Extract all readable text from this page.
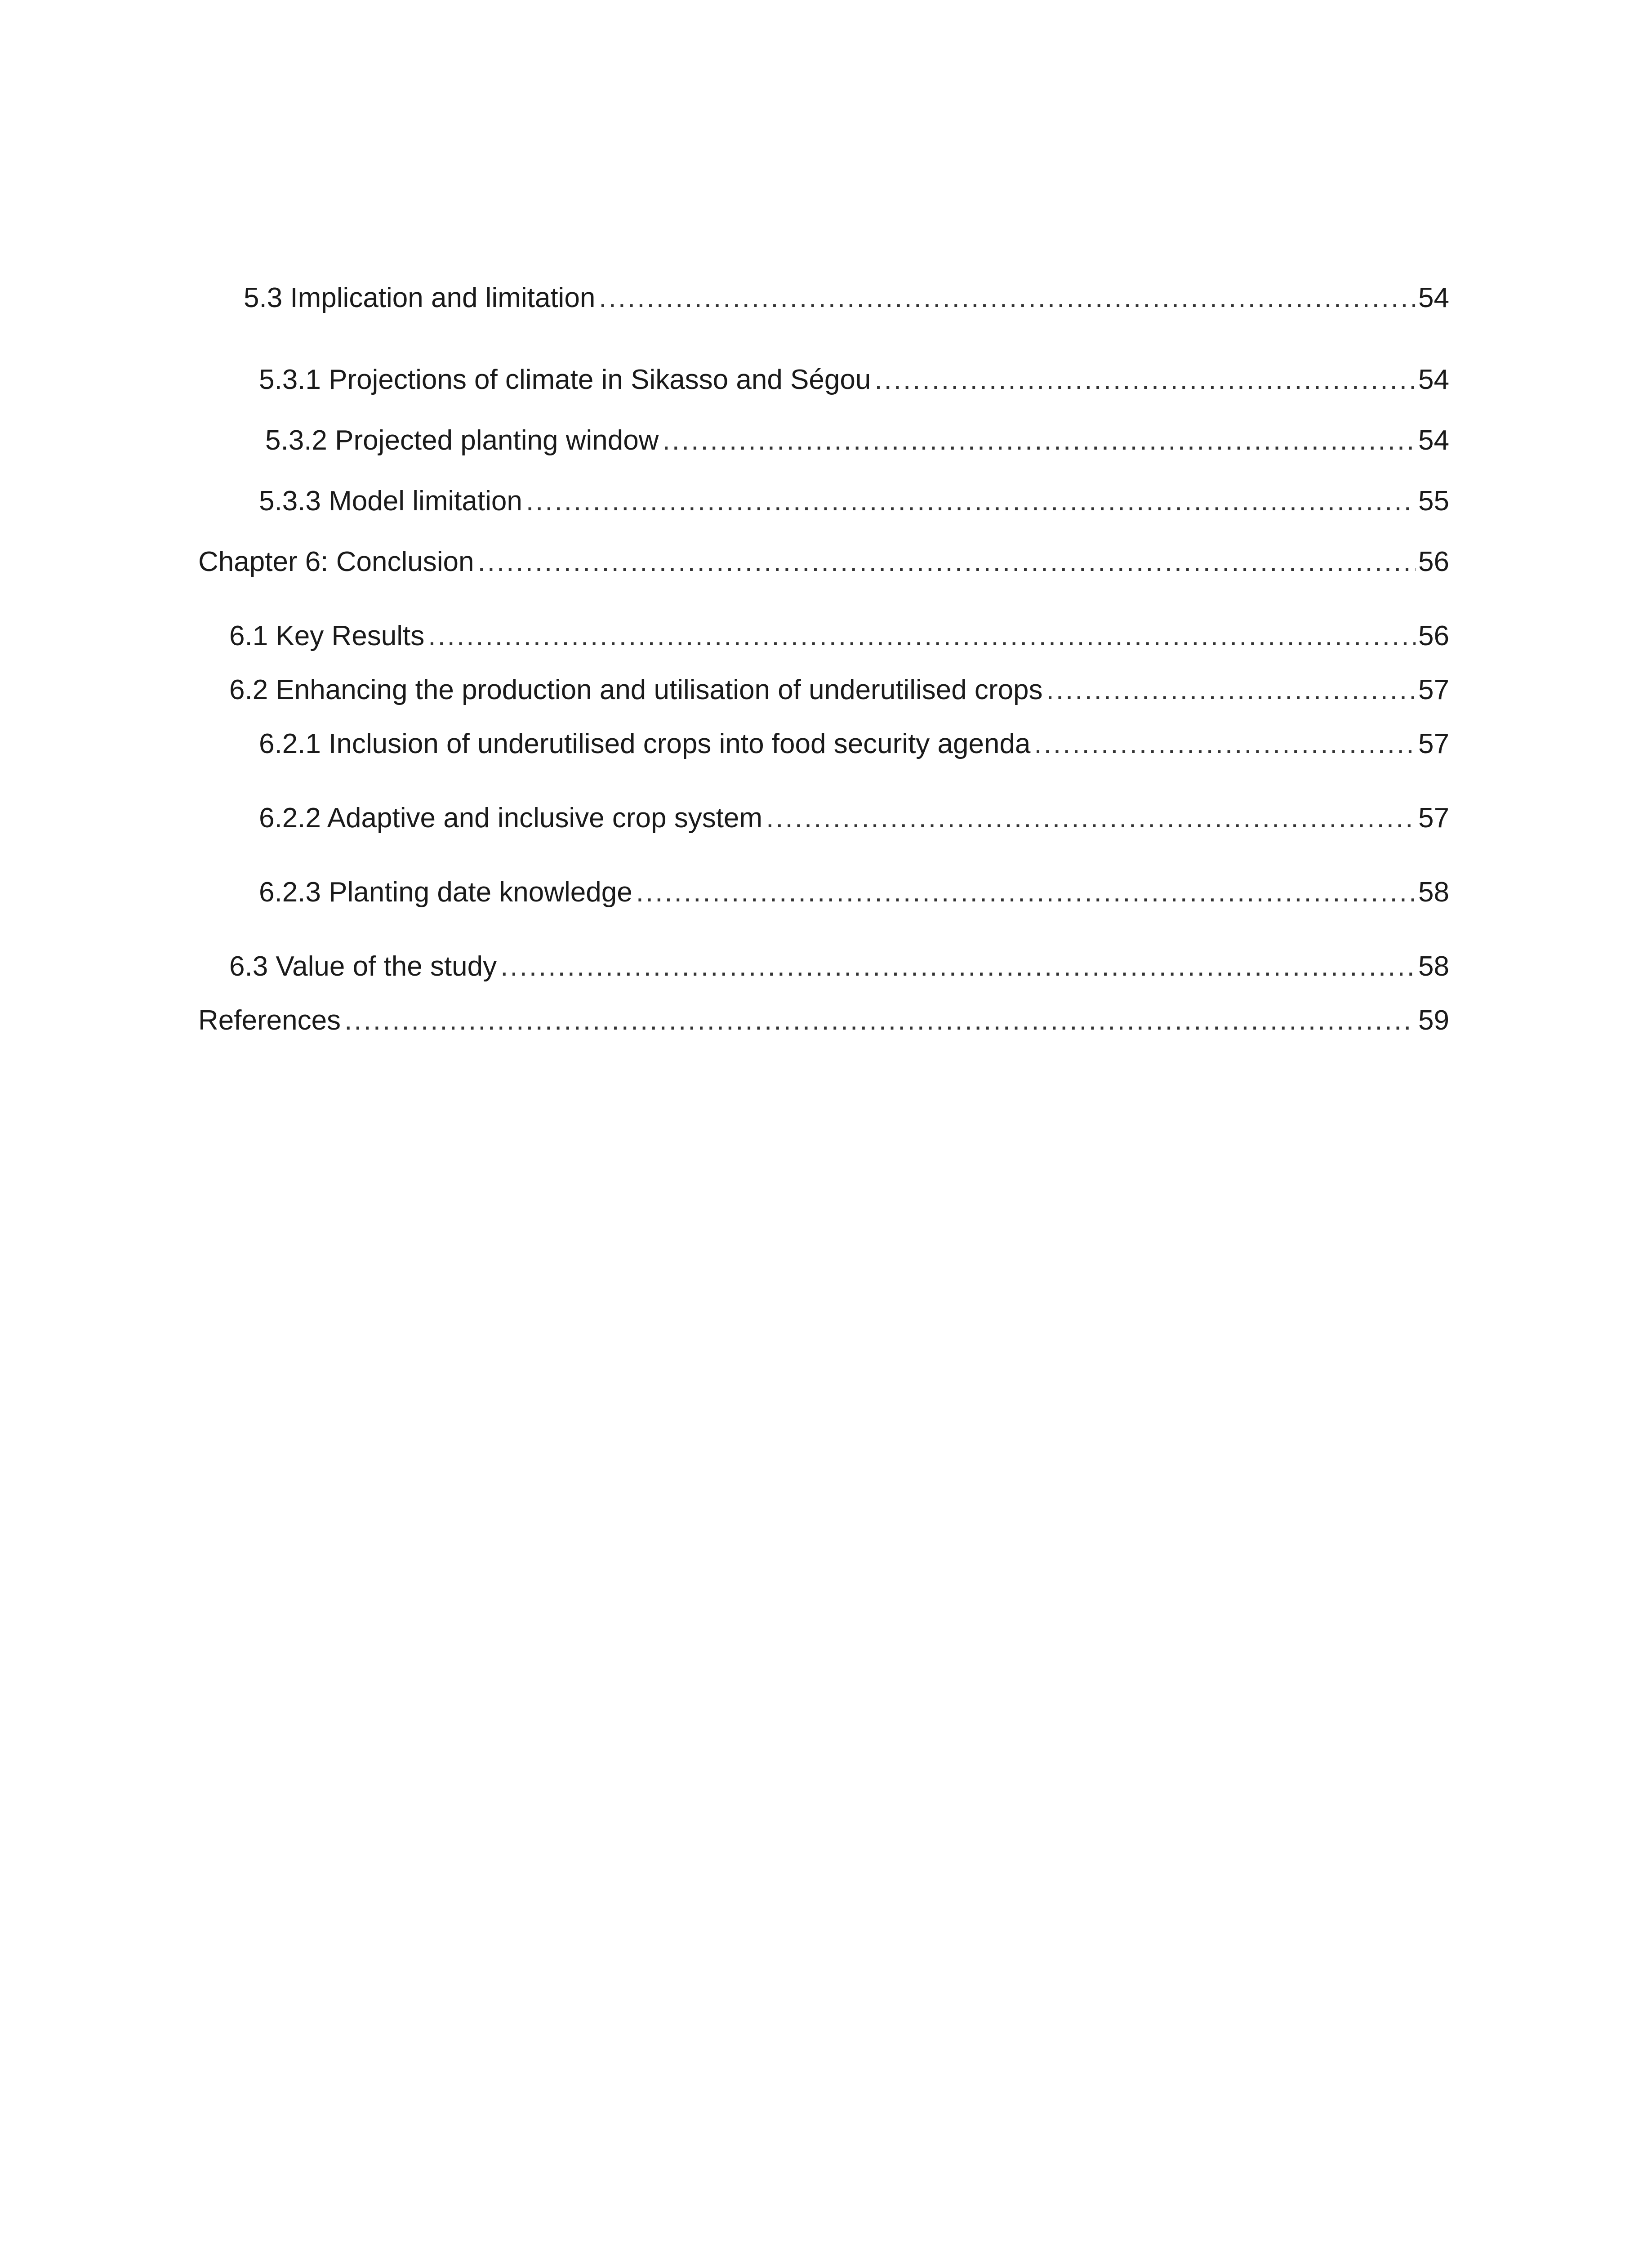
5.3 Implication and limitation .....	54
5.3.1 Projections of climate in Sikasso and Ségou .....	54
5.3.2 Projected planting window .....	54
5.3.3 Model limitation .....	55
Chapter 6: Conclusion .....	56
6.1 Key Results .....	56
6.2 Enhancing the production and utilisation of underutilised crops .....	57
6.2.1 Inclusion of underutilised crops into food security agenda .....	57
6.2.2 Adaptive and inclusive crop system .....	57
6.2.3 Planting date knowledge .....	58
6.3 Value of the study .....	58
References .....	59
